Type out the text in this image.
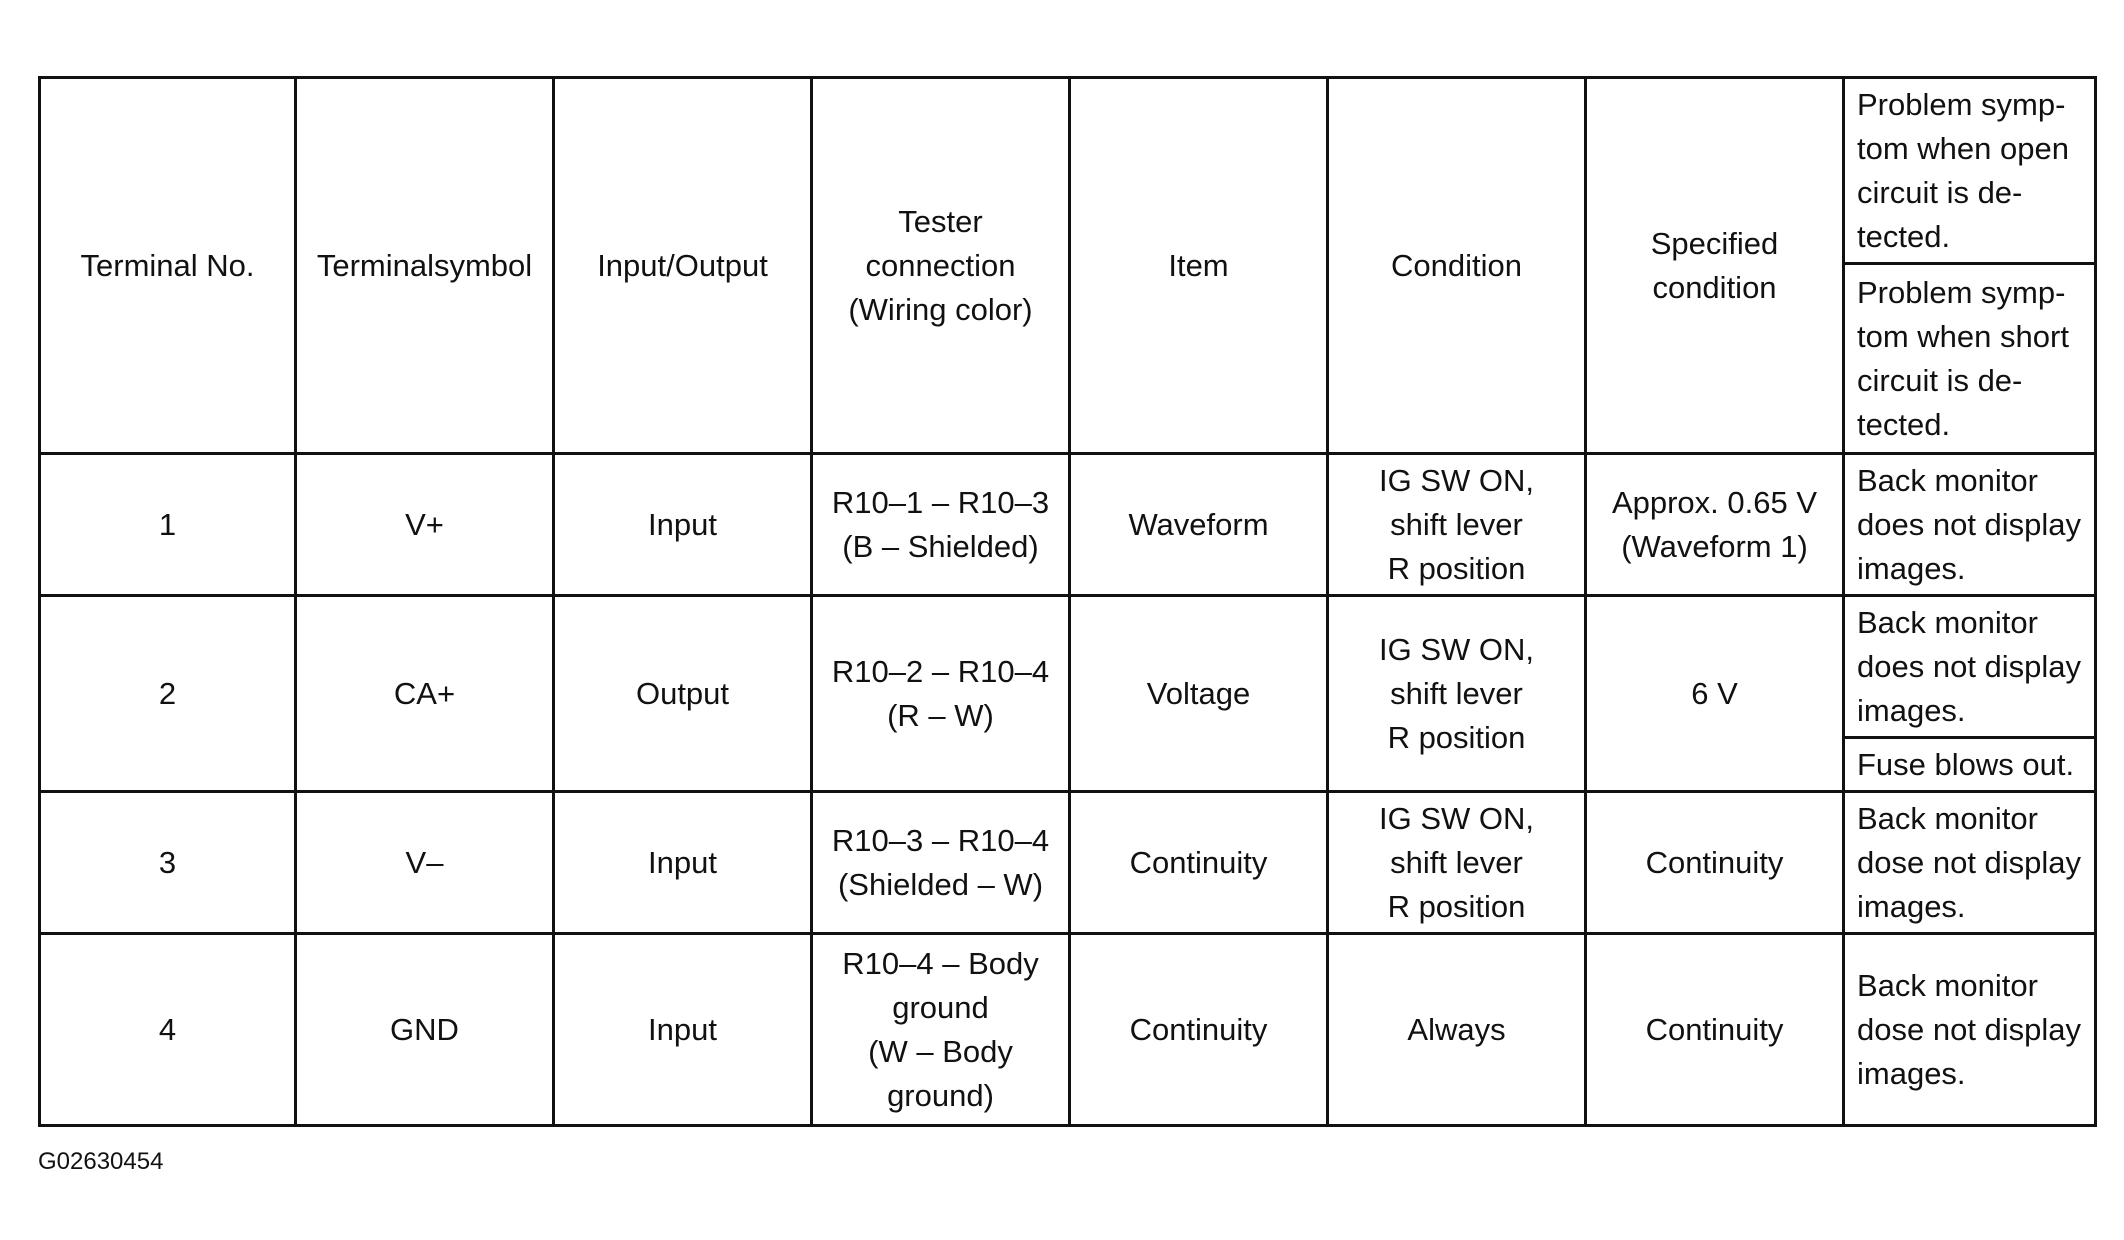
Terminal No.	Terminalsymbol	Input/Output	Tester
connection
(Wiring color)	Item	Condition	Specified
condition	Problem symp-
tom when open
circuit is de-
tected.
							Problem symp-
tom when short
circuit is de-
tected.
1	V+	Input	R10–1 – R10–3
(B – Shielded)	Waveform	IG SW ON,
shift lever
R position	Approx. 0.65 V
(Waveform 1)	Back monitor
does not display
images.
2	CA+	Output	R10–2 – R10–4
(R – W)	Voltage	IG SW ON,
shift lever
R position	6 V	Back monitor
does not display
images.
							Fuse blows out.
3	V–	Input	R10–3 – R10–4
(Shielded – W)	Continuity	IG SW ON,
shift lever
R position	Continuity	Back monitor
dose not display
images.
4	GND	Input	R10–4 – Body
ground
(W – Body
ground)	Continuity	Always	Continuity	Back monitor
dose not display
images.
G02630454
